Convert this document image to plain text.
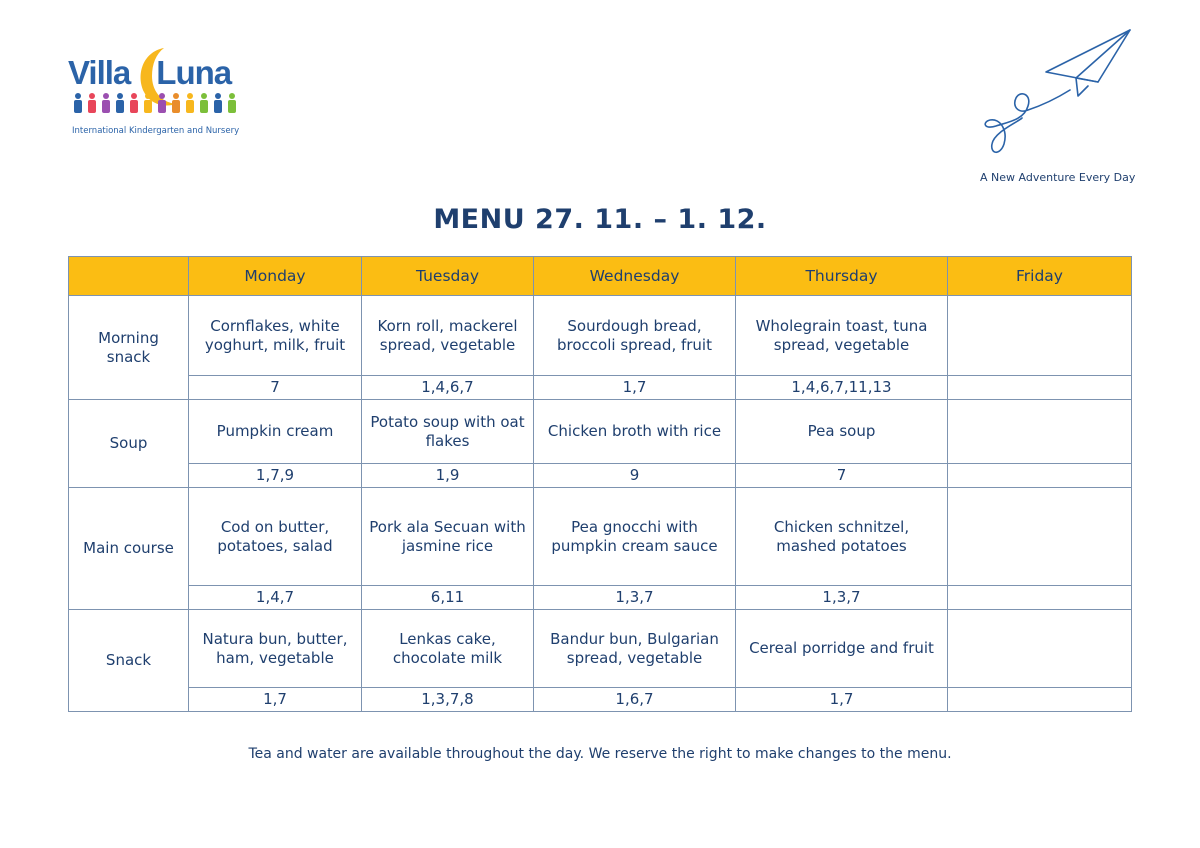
Villa Luna
International Kindergarten and Nursery
A New Adventure Every Day
MENU 27. 11. – 1. 12.
	Monday	Tuesday	Wednesday	Thursday	Friday
Morning snack	Cornflakes, white yoghurt, milk, fruit	Korn roll, mackerel spread, vegetable	Sourdough bread, broccoli spread, fruit	Wholegrain toast, tuna spread, vegetable	
	7	1,4,6,7	1,7	1,4,6,7,11,13	
Soup	Pumpkin cream	Potato soup with oat flakes	Chicken broth with rice	Pea soup	
	1,7,9	1,9	9	7	
Main course	Cod on butter, potatoes, salad	Pork ala Secuan with jasmine rice	Pea gnocchi with pumpkin cream sauce	Chicken schnitzel, mashed potatoes	
	1,4,7	6,11	1,3,7	1,3,7	
Snack	Natura bun, butter, ham, vegetable	Lenkas cake, chocolate milk	Bandur bun, Bulgarian spread, vegetable	Cereal porridge and fruit	
	1,7	1,3,7,8	1,6,7	1,7	
Tea and water are available throughout the day. We reserve the right to make changes to the menu.
